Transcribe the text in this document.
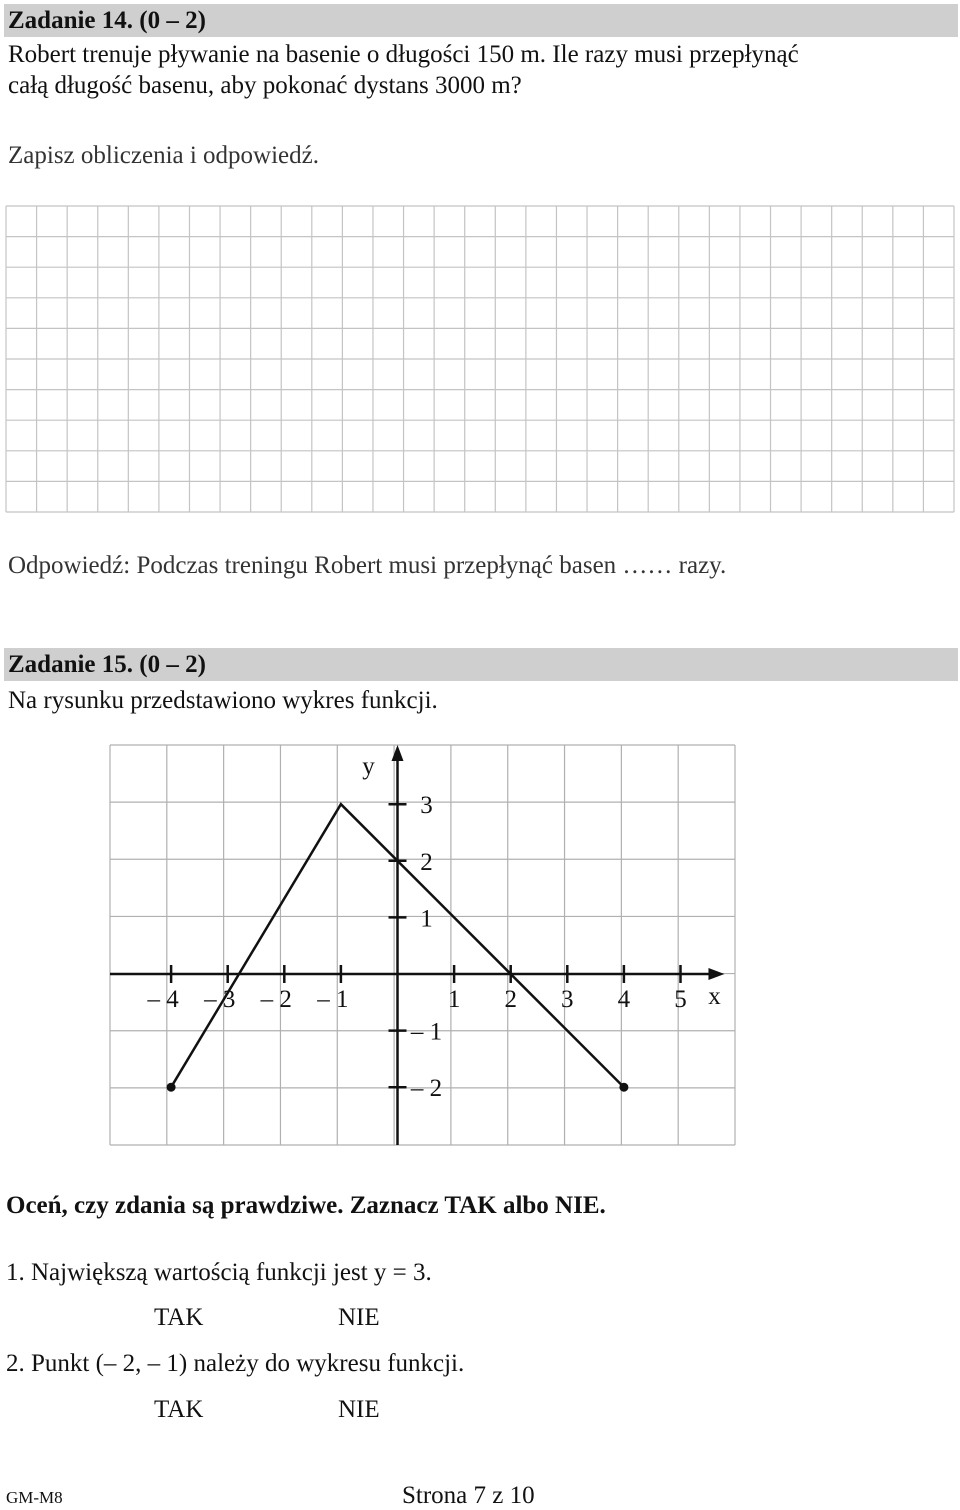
Zadanie 14. (0 – 2)
Robert trenuje pływanie na basenie o długości 150 m. Ile razy musi przepłynąć
całą długość basenu, aby pokonać dystans 3000 m?
Zapisz obliczenia i odpowiedź.
Odpowiedź: Podczas treningu Robert musi przepłynąć basen …… razy.
Zadanie 15. (0 – 2)
Na rysunku przedstawiono wykres funkcji.
– 4 – 3 – 2 – 1	1 2 3 4 5 x
3
2
1
– 1
– 2
y
Oceń, czy zdania są prawdziwe. Zaznacz TAK albo NIE.
1. Największą wartością funkcji jest y = 3.
TAK	NIE
2. Punkt (– 2, – 1) należy do wykresu funkcji.
TAK	NIE
GM-M8	Strona 7 z 10
